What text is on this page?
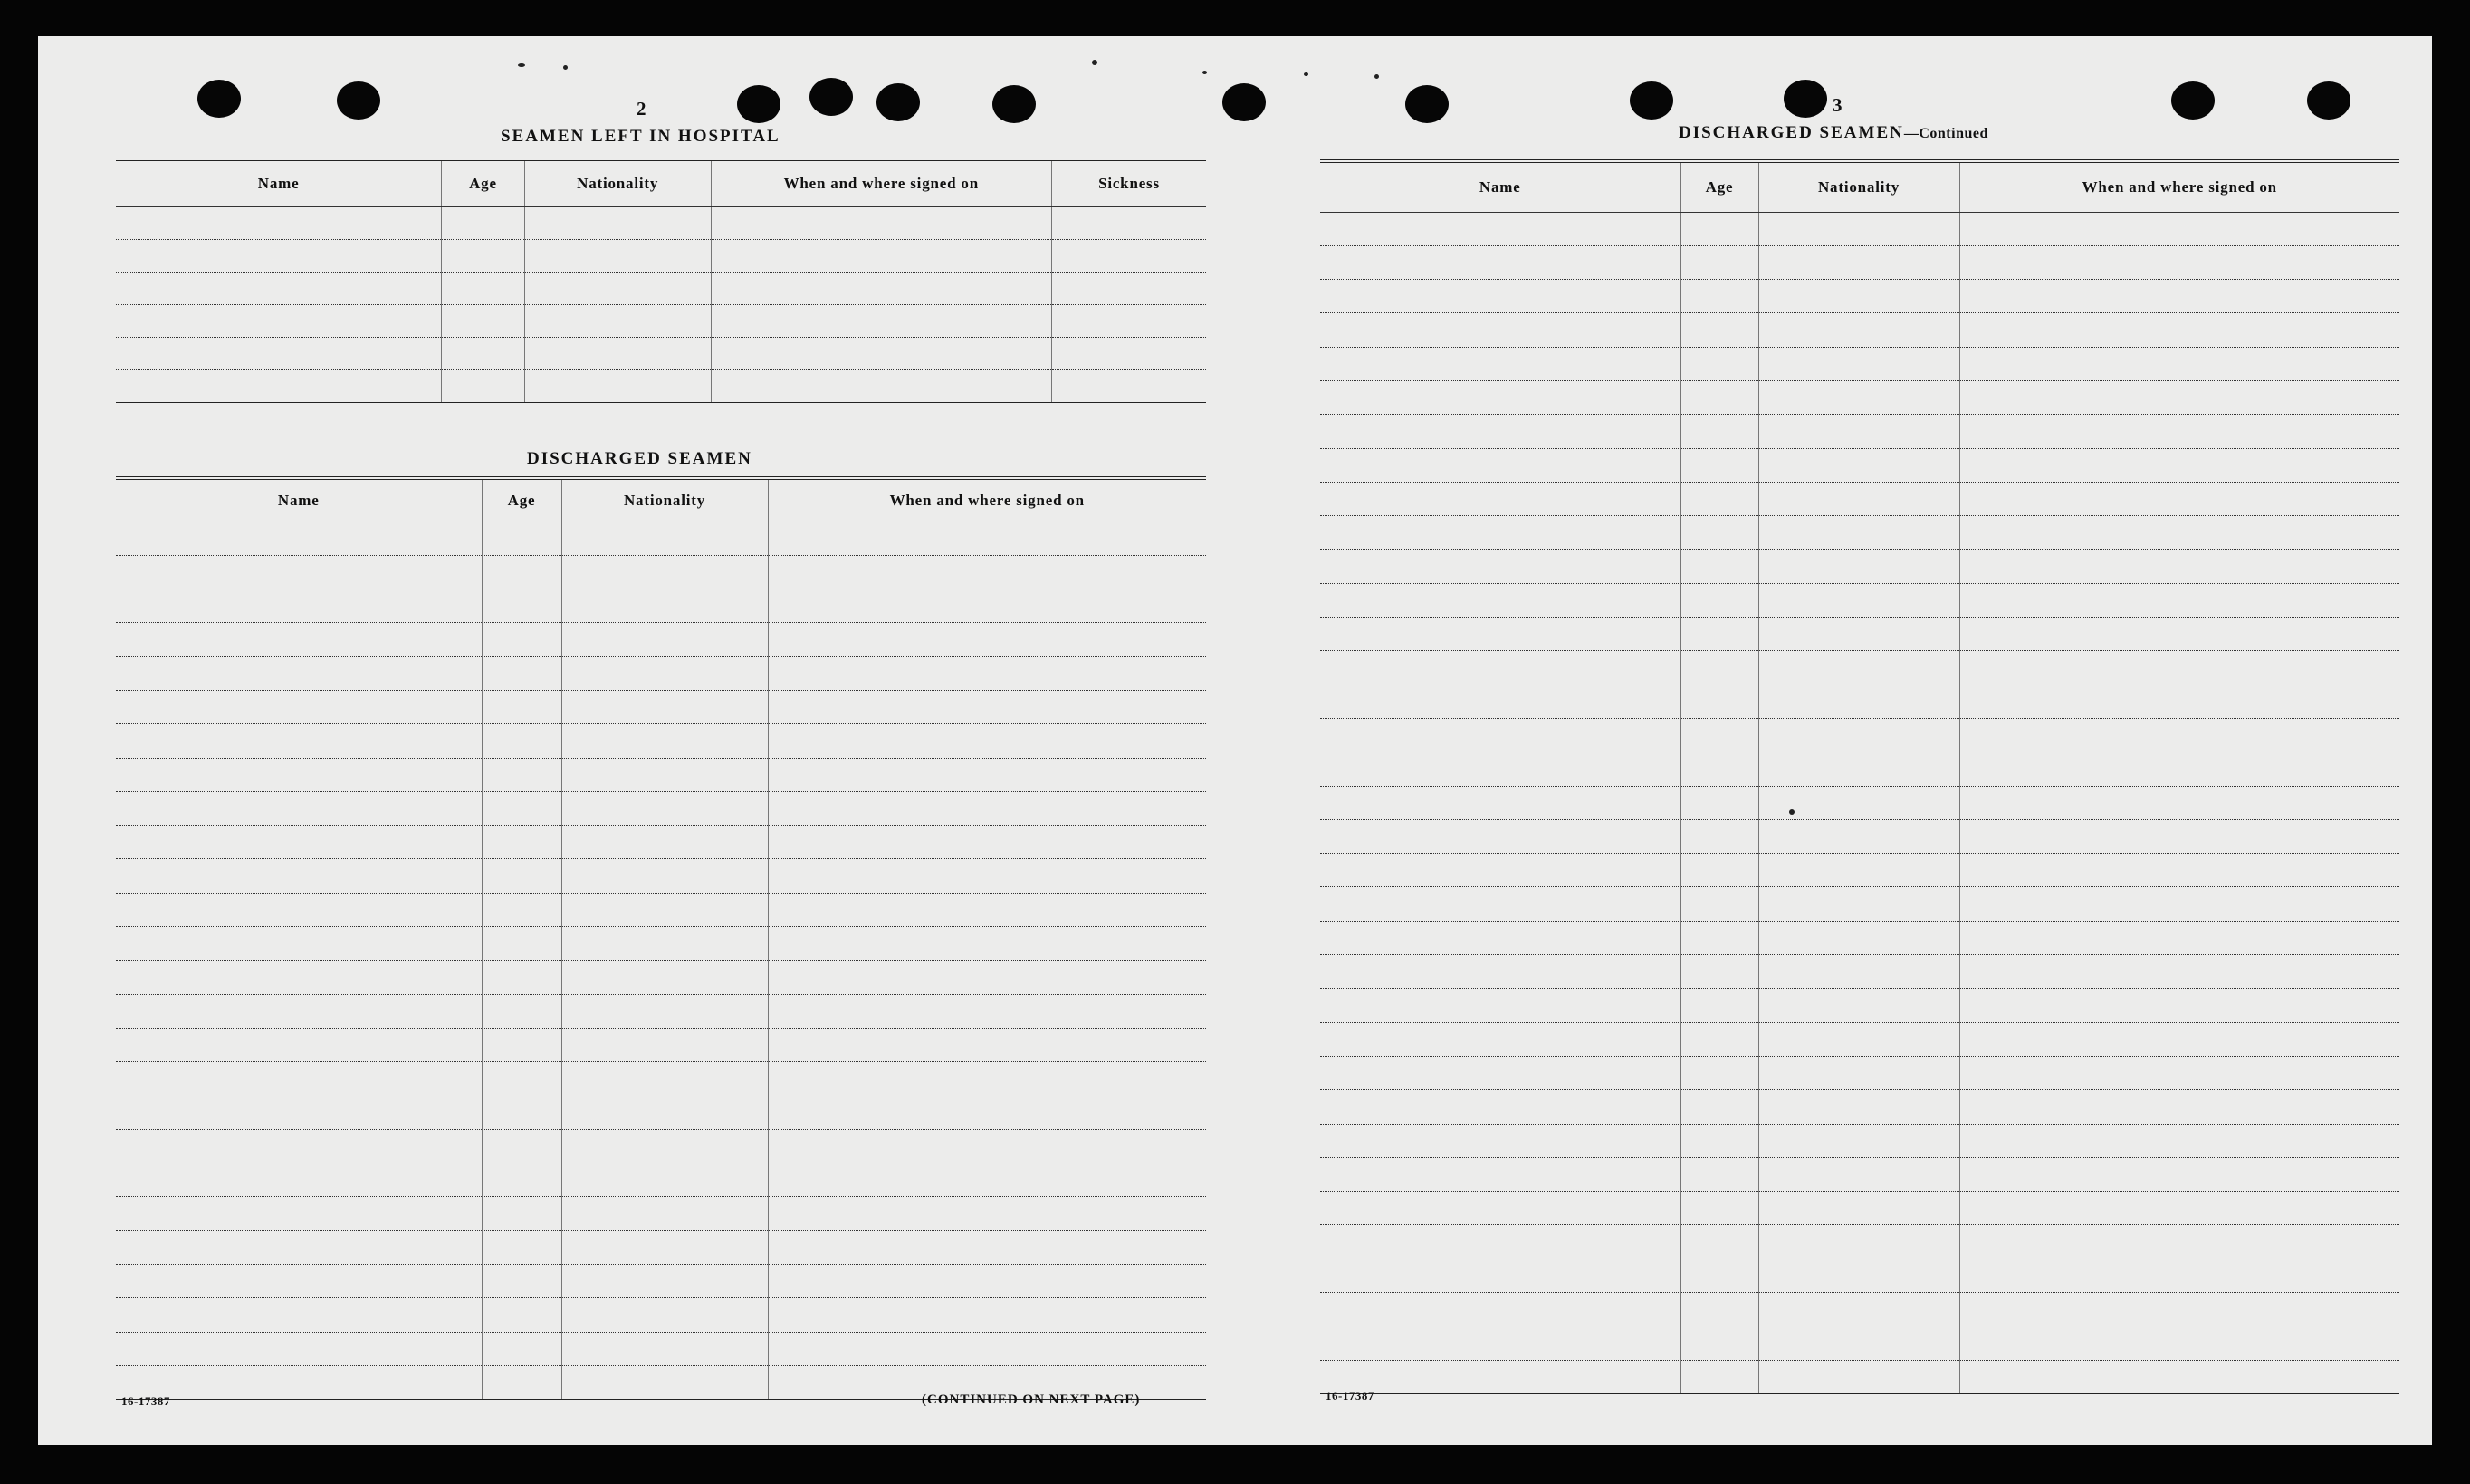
2
SEAMEN LEFT IN HOSPITAL
Name	Age	Nationality	When and where signed on	Sickness

DISCHARGED SEAMEN
Name	Age	Nationality	When and where signed on

16-17387	(CONTINUED ON NEXT PAGE)
3
DISCHARGED SEAMEN—Continued
Name	Age	Nationality	When and where signed on

16-17387
